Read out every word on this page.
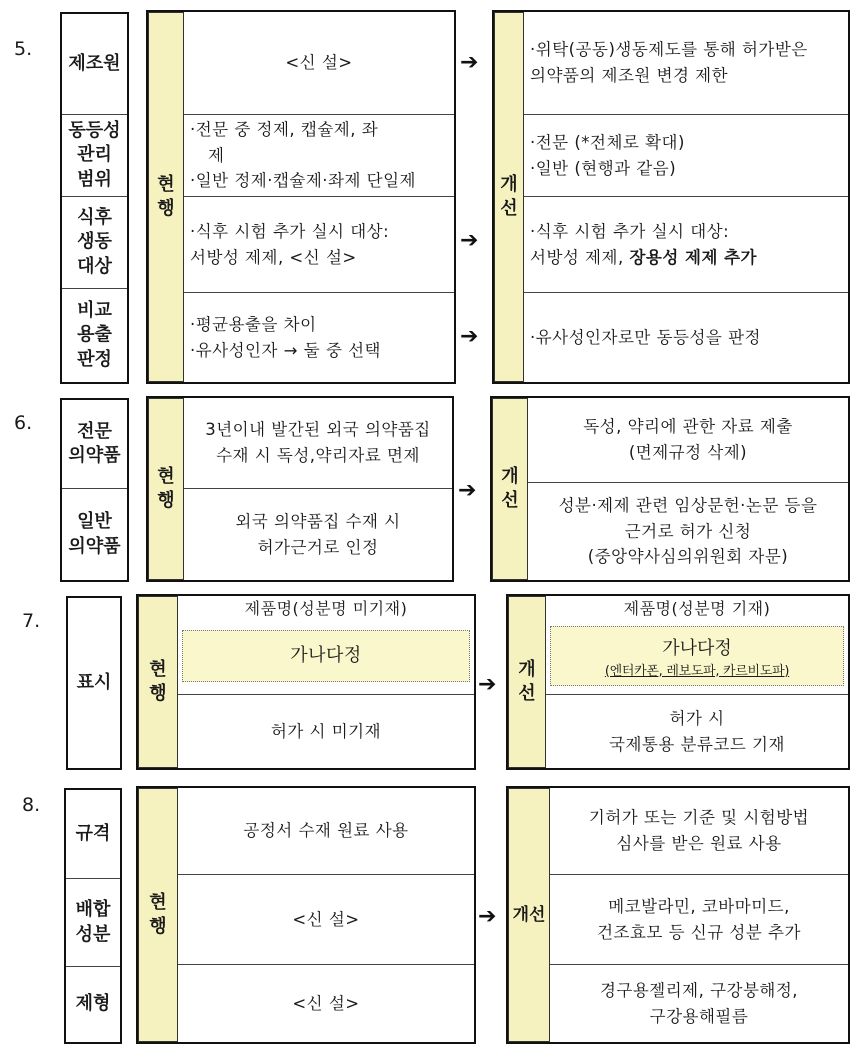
5.
제조원
동등성
관리
범위
식후
생동
대상
비교
용출
판정
현
행
<신 설>
·전문 중 정제, 캡슐제, 좌
제
·일반 정제·캡슐제·좌제 단일제
·식후 시험 추가 실시 대상:
서방성 제제, <신 설>
·평균용출을 차이
·유사성인자 → 둘 중 선택
➔
➔
➔
개
선
·위탁(공동)생동제도를 통해 허가받은
의약품의 제조원 변경 제한
·전문 (*전체로 확대)
·일반 (현행과 같음)
·식후 시험 추가 실시 대상:
서방성 제제, 장용성 제제 추가
·유사성인자로만 동등성을 판정
6.	전문
의약품
일반
의약품
현
행
3년이내 발간된 외국 의약품집
수재 시 독성,약리자료 면제
외국 의약품집 수재 시
허가근거로 인정
➔
개
선
독성, 약리에 관한 자료 제출
(면제규정 삭제)
성분·제제 관련 임상문헌·논문 등을
근거로 허가 신청
(중앙약사심의위원회 자문)
7.
표시
현
행
제품명(성분명 미기재)
가나다정
허가 시 미기재
➔
개
선
제품명(성분명 기재)
가나다정
(엔터카폰, 레보도파, 카르비도파)
허가 시
국제통용 분류코드 기재
8.
규격
배합
성분
제형
현
행
공정서 수재 원료 사용
<신 설>
<신 설>
➔ 개선
기허가 또는 기준 및 시험방법
심사를 받은 원료 사용
메코발라민, 코바마미드,
건조효모 등 신규 성분 추가
경구용젤리제, 구강붕해정,
구강용해필름
